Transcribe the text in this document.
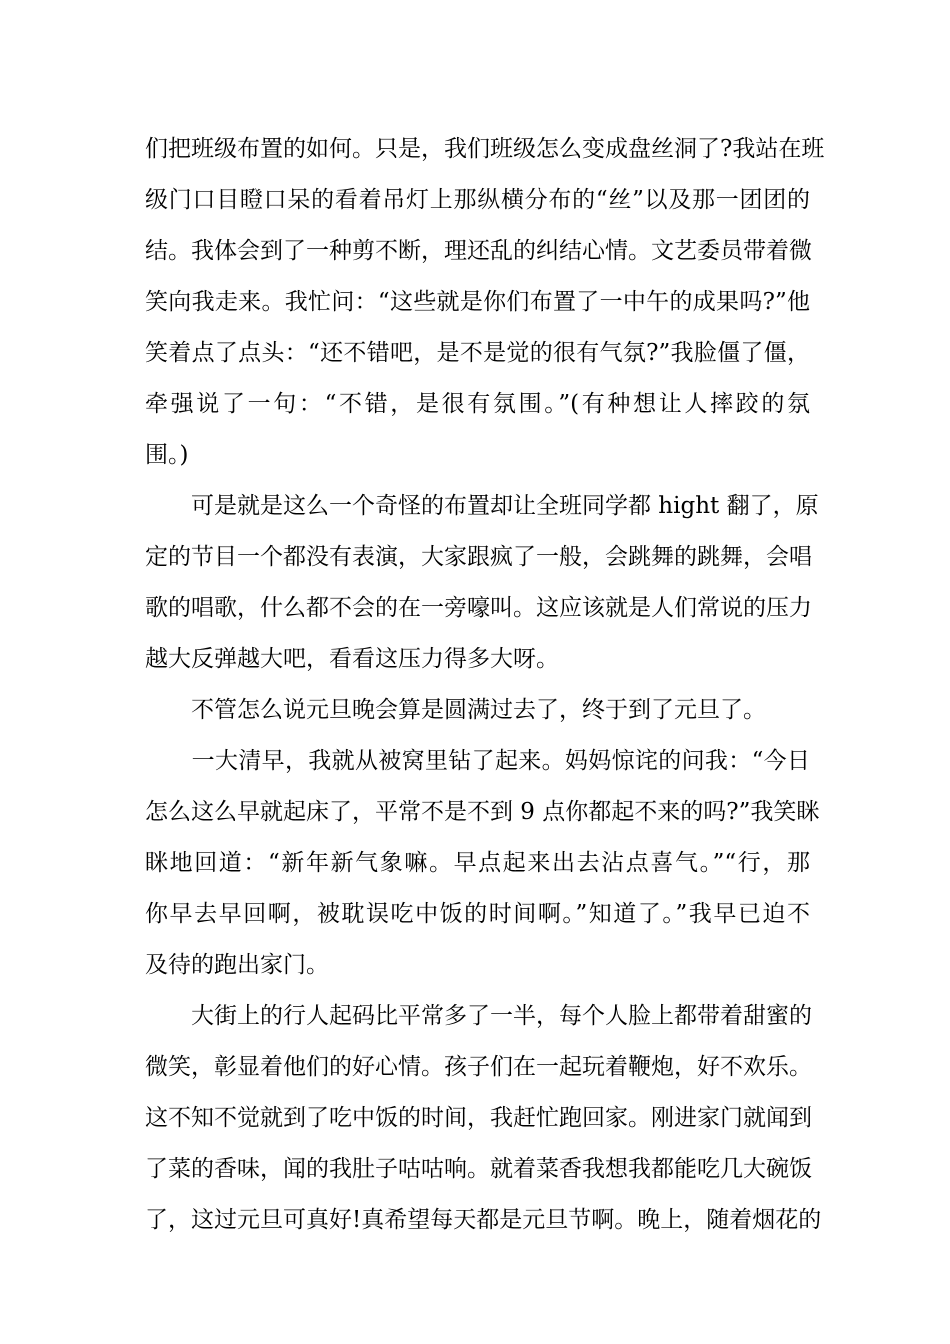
们把班级布置的如何。只是，我们班级怎么变成盘丝洞了?我站在班
级门口目瞪口呆的看着吊灯上那纵横分布的“丝”以及那一团团的
结。我体会到了一种剪不断，理还乱的纠结心情。文艺委员带着微
笑向我走来。我忙问：“这些就是你们布置了一中午的成果吗?”他
笑着点了点头：“还不错吧，是不是觉的很有气氛?”我脸僵了僵，
牵强说了一句：“不错，是很有氛围。”(有种想让人摔跤的氛
围。)
　　可是就是这么一个奇怪的布置却让全班同学都 hight 翻了，原
定的节目一个都没有表演，大家跟疯了一般，会跳舞的跳舞，会唱
歌的唱歌，什么都不会的在一旁嚎叫。这应该就是人们常说的压力
越大反弹越大吧，看看这压力得多大呀。
　　不管怎么说元旦晚会算是圆满过去了，终于到了元旦了。
　　一大清早，我就从被窝里钻了起来。妈妈惊诧的问我：“今日
怎么这么早就起床了，平常不是不到 9 点你都起不来的吗?”我笑眯
眯地回道：“新年新气象嘛。早点起来出去沾点喜气。”“行，那
你早去早回啊，被耽误吃中饭的时间啊。”知道了。”我早已迫不
及待的跑出家门。
　　大街上的行人起码比平常多了一半，每个人脸上都带着甜蜜的
微笑，彰显着他们的好心情。孩子们在一起玩着鞭炮，好不欢乐。
这不知不觉就到了吃中饭的时间，我赶忙跑回家。刚进家门就闻到
了菜的香味，闻的我肚子咕咕响。就着菜香我想我都能吃几大碗饭
了，这过元旦可真好!真希望每天都是元旦节啊。晚上，随着烟花的
